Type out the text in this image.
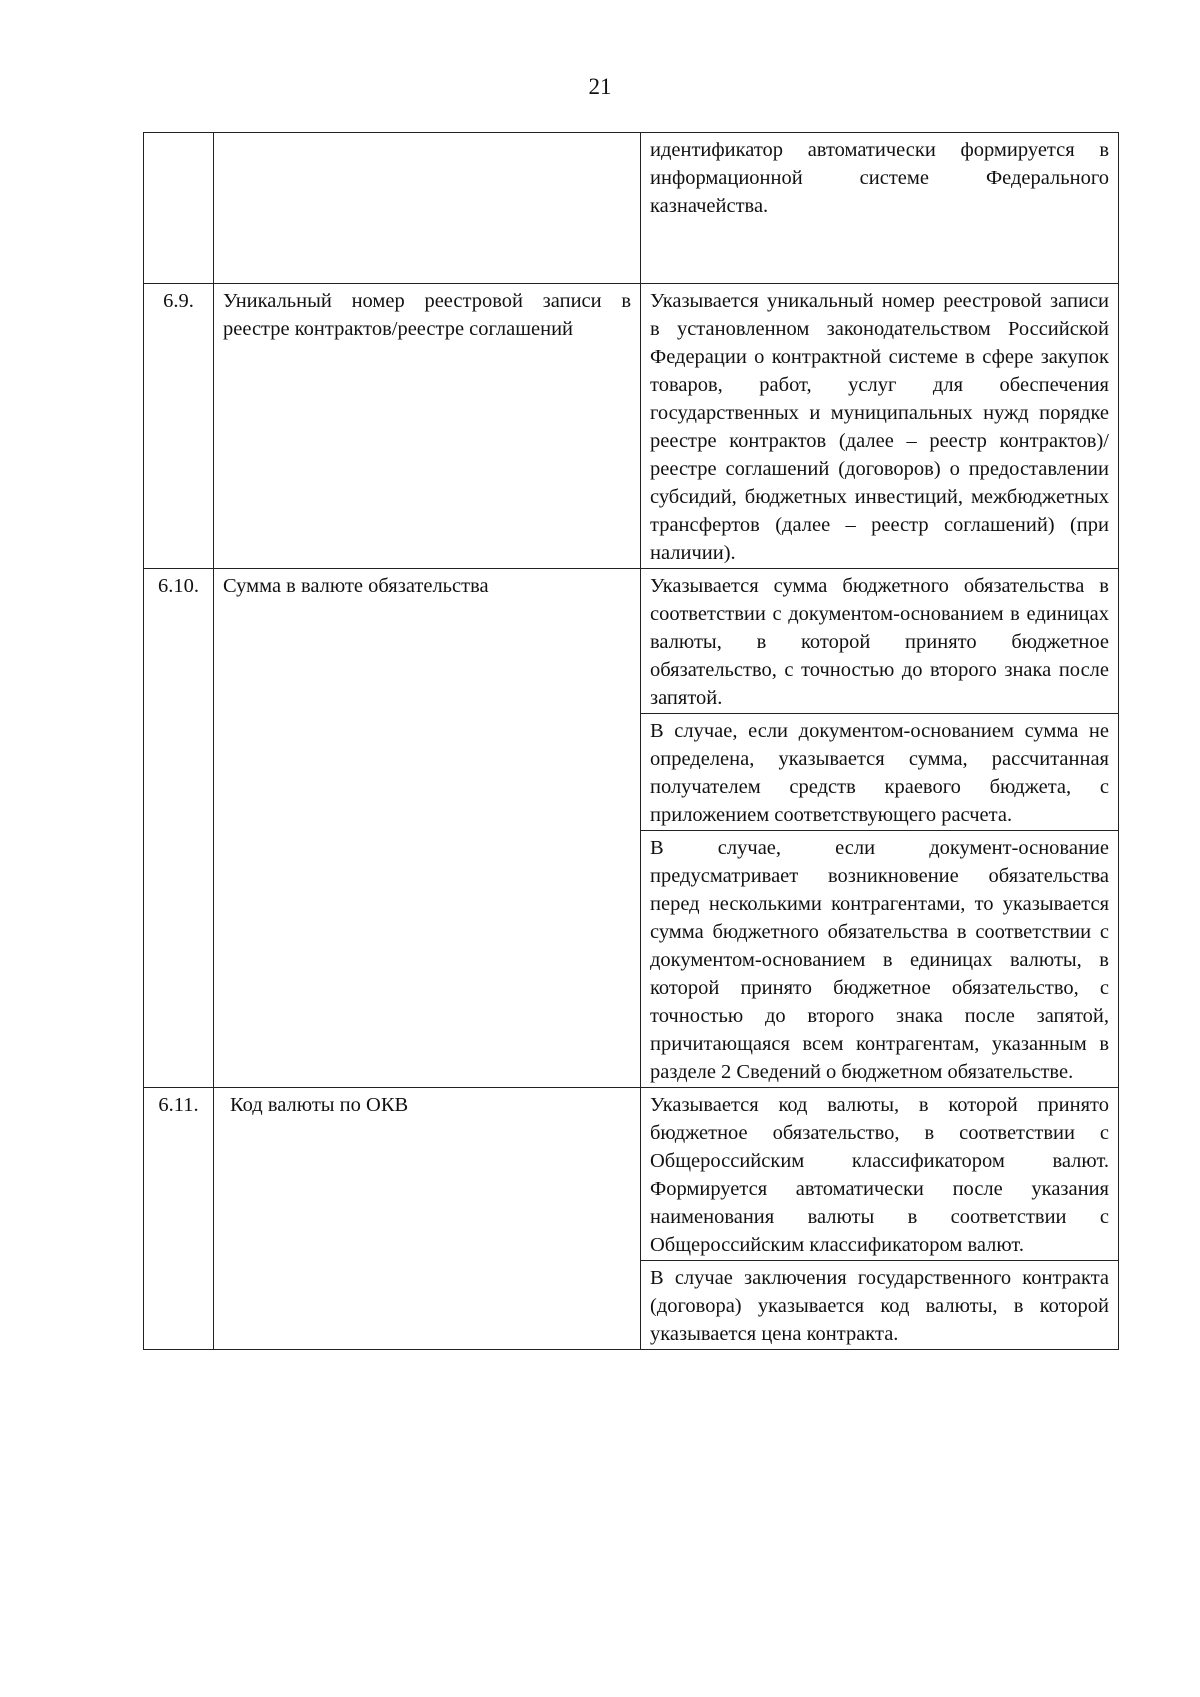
21
		идентификатор автоматически формируется в информационной системе Федерального казначейства.
6.9.	Уникальный номер реестровой записи в реестре контрактов/реестре соглашений	Указывается уникальный номер реестровой записи в установленном законодательством Российской Федерации о контрактной системе в сфере закупок товаров, работ, услуг для обеспечения государственных и муниципальных нужд порядке реестре контрактов (далее – реестр контрактов)/реестре соглашений (договоров) о предоставлении субсидий, бюджетных инвестиций, межбюджетных трансфертов (далее – реестр соглашений) (при наличии).
6.10.	Сумма в валюте обязательства	Указывается сумма бюджетного обязательства в соответствии с документом-основанием в единицах валюты, в которой принято бюджетное обязательство, с точностью до второго знака после запятой.
		В случае, если документом-основанием сумма не определена, указывается сумма, рассчитанная получателем средств краевого бюджета, с приложением соответствующего расчета.
		В случае, если документ-основание предусматривает возникновение обязательства перед несколькими контрагентами, то указывается сумма бюджетного обязательства в соответствии с документом-основанием в единицах валюты, в которой принято бюджетное обязательство, с точностью до второго знака после запятой, причитающаяся всем контрагентам, указанным в разделе 2 Сведений о бюджетном обязательстве.
6.11.	Код валюты по ОКВ	Указывается код валюты, в которой принято бюджетное обязательство, в соответствии с Общероссийским классификатором валют. Формируется автоматически после указания наименования валюты в соответствии с Общероссийским классификатором валют.
		В случае заключения государственного контракта (договора) указывается код валюты, в которой указывается цена контракта.
